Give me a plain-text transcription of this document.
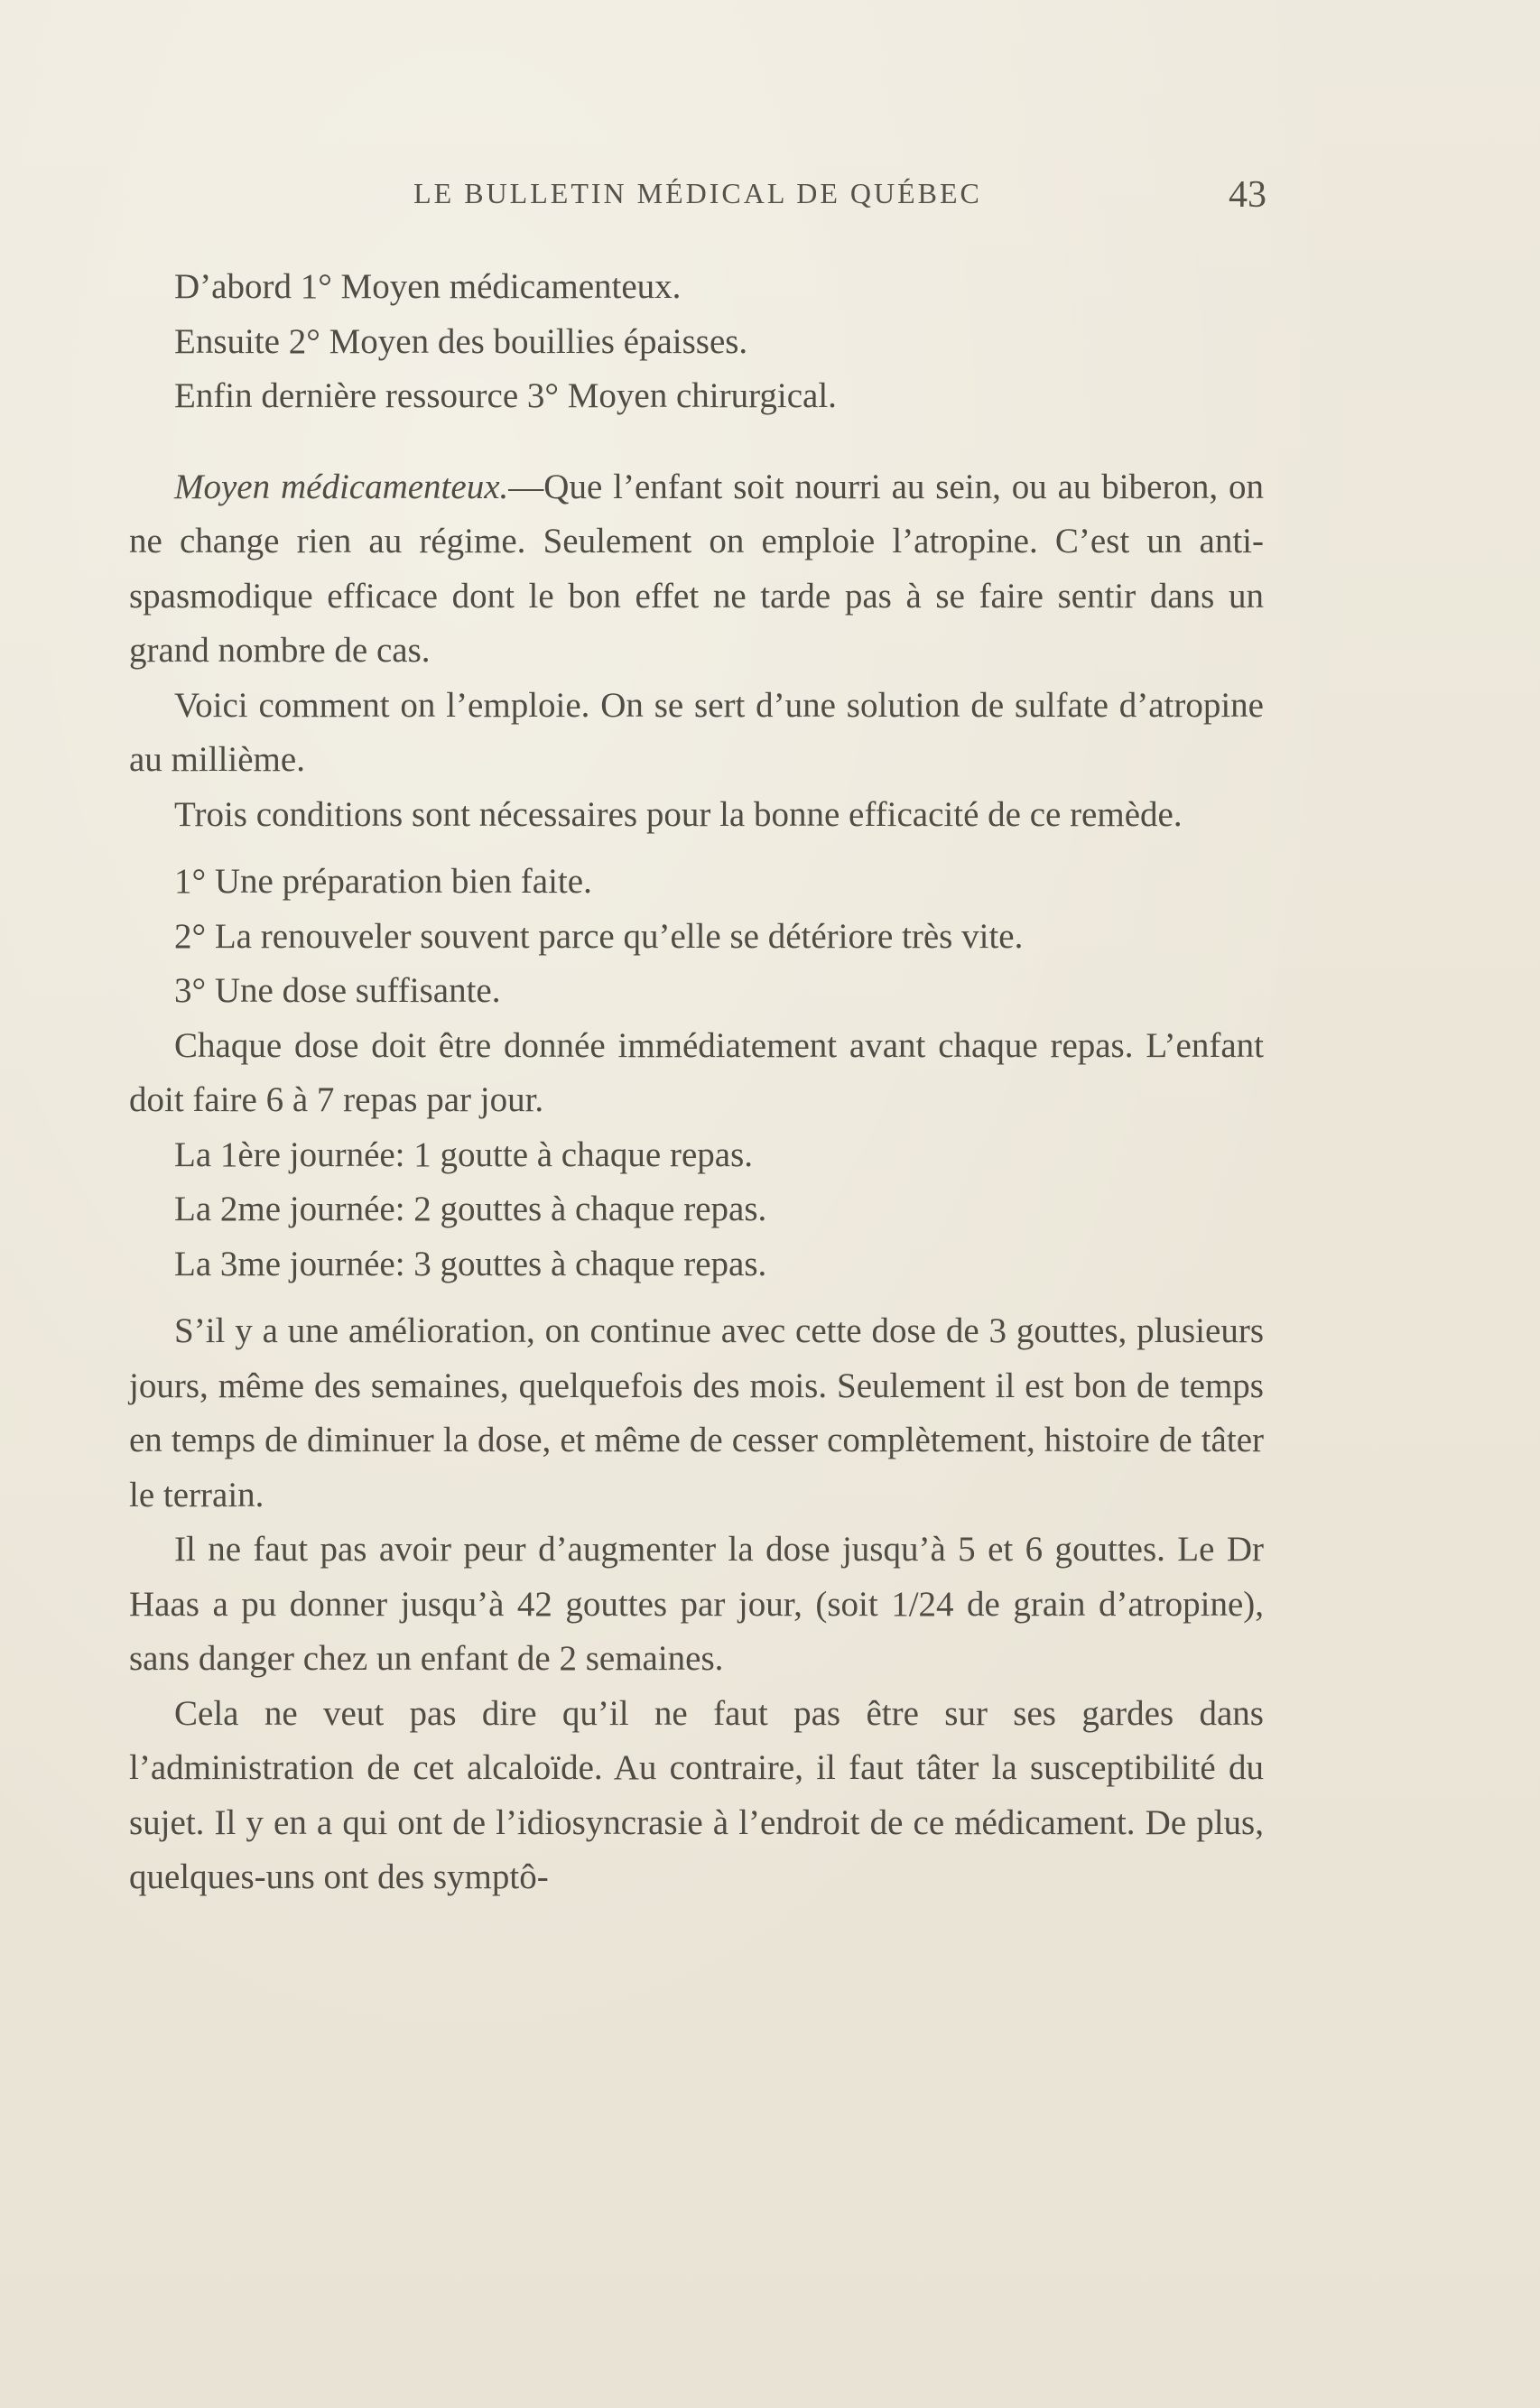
LE BULLETIN MÉDICAL DE QUÉBEC	43

D’abord 1° Moyen médicamenteux.

Ensuite 2° Moyen des bouillies épaisses.

Enfin dernière ressource 3° Moyen chirurgical.

Moyen médicamenteux.—Que l’enfant soit nourri au sein, ou au biberon, on ne change rien au régime. Seulement on emploie l’atropine. C’est un anti-spasmodique efficace dont le bon effet ne tarde pas à se faire sentir dans un grand nombre de cas.

Voici comment on l’emploie. On se sert d’une solution de sulfate d’atropine au millième.

Trois conditions sont nécessaires pour la bonne efficacité de ce remède.

1° Une préparation bien faite.

2° La renouveler souvent parce qu’elle se détériore très vite.

3° Une dose suffisante.

Chaque dose doit être donnée immédiatement avant chaque repas. L’enfant doit faire 6 à 7 repas par jour.

La 1ère journée: 1 goutte à chaque repas.

La 2me journée: 2 gouttes à chaque repas.

La 3me journée: 3 gouttes à chaque repas.

S’il y a une amélioration, on continue avec cette dose de 3 gouttes, plusieurs jours, même des semaines, quelquefois des mois. Seulement il est bon de temps en temps de diminuer la dose, et même de cesser complètement, histoire de tâter le terrain.

Il ne faut pas avoir peur d’augmenter la dose jusqu’à 5 et 6 gouttes. Le Dr Haas a pu donner jusqu’à 42 gouttes par jour, (soit 1/24 de grain d’atropine), sans danger chez un enfant de 2 semaines.

Cela ne veut pas dire qu’il ne faut pas être sur ses gardes dans l’administration de cet alcaloïde. Au contraire, il faut tâter la susceptibilité du sujet. Il y en a qui ont de l’idiosyncrasie à l’endroit de ce médicament. De plus, quelques-uns ont des symptô-
